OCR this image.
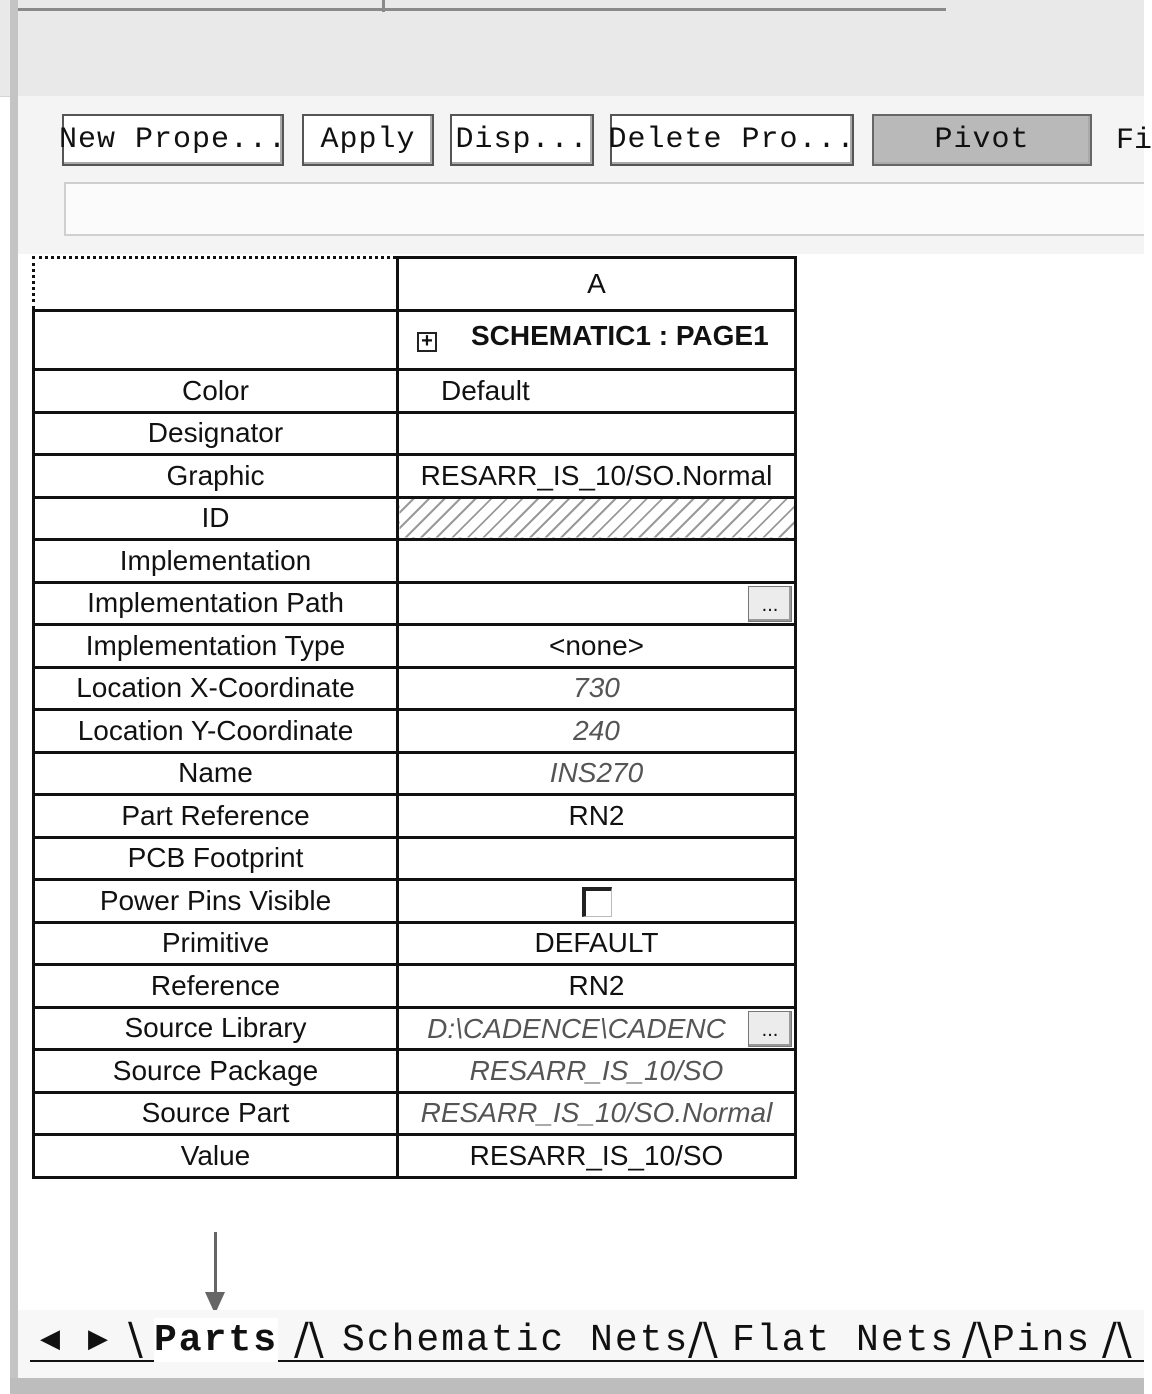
New Prope...	Apply	Disp... Delete Pro...	Pivot	Fi
	A

	+ SCHEMATIC1 : PAGE1

Color	Default
Designator	
Graphic	RESARR_IS_10/SO.Normal
ID	
Implementation	
Implementation Path	...

Implementation Type	<none>
Location X-Coordinate	730
Location Y-Coordinate	240
Name	INS270
Part Reference	RN2
PCB Footprint	
Power Pins Visible	
Primitive	DEFAULT
Reference	RN2
Source Library	D:\CADENCE\CADENC ...

Source Package	RESARR_IS_10/SO
Source Part	RESARR_IS_10/SO.Normal
Value	RESARR_IS_10/SO
◀ ▶ \ Parts /\ Schematic Nets
/\ Flat Nets /\ Pins /\
